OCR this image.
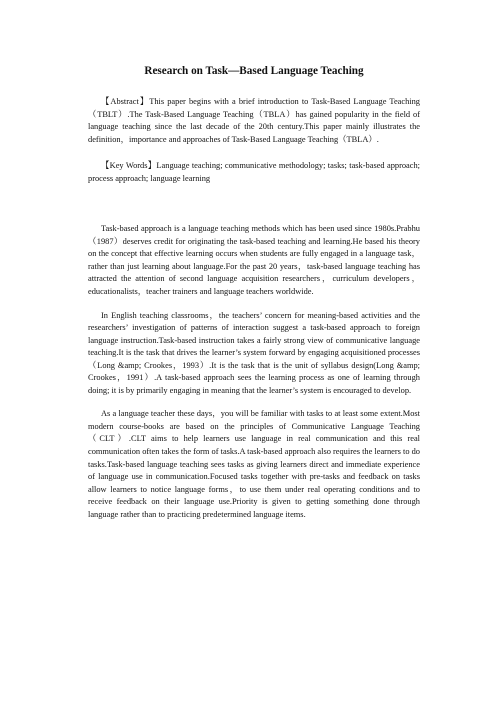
Research on Task—Based Language Teaching

【Abstract】This paper begins with a brief introduction to Task-Based Language Teaching（TBLT）.The Task-Based Language Teaching（TBLA）has gained popularity in the field of language teaching since the last decade of the 20th century.This paper mainly illustrates the definition，importance and approaches of Task-Based Language Teaching（TBLA）.

【Key Words】Language teaching; communicative methodology; tasks; task-based approach; process approach; language learning

Task-based approach is a language teaching methods which has been used since 1980s.Prabhu（1987）deserves credit for originating the task-based teaching and learning.He based his theory on the concept that effective learning occurs when students are fully engaged in a language task，rather than just learning about language.For the past 20 years，task-based language teaching has attracted the attention of second language acquisition researchers，curriculum developers，educationalists，teacher trainers and language teachers worldwide.

In English teaching classrooms，the teachers’ concern for meaning-based activities and the researchers’ investigation of patterns of interaction suggest a task-based approach to foreign language instruction.Task-based instruction takes a fairly strong view of communicative language teaching.It is the task that drives the learner’s system forward by engaging acquisitioned processes（Long &amp; Crookes，1993）.It is the task that is the unit of syllabus design(Long &amp; Crookes，1991）.A task-based approach sees the learning process as one of learning through doing; it is by primarily engaging in meaning that the learner’s system is encouraged to develop.

As a language teacher these days，you will be familiar with tasks to at least some extent.Most modern course-books are based on the principles of Communicative Language Teaching（CLT）.CLT aims to help learners use language in real communication and this real communication often takes the form of tasks.A task-based approach also requires the learners to do tasks.Task-based language teaching sees tasks as giving learners direct and immediate experience of language use in communication.Focused tasks together with pre-tasks and feedback on tasks allow learners to notice language forms，to use them under real operating conditions and to receive feedback on their language use.Priority is given to getting something done through language rather than to practicing predetermined language items.
